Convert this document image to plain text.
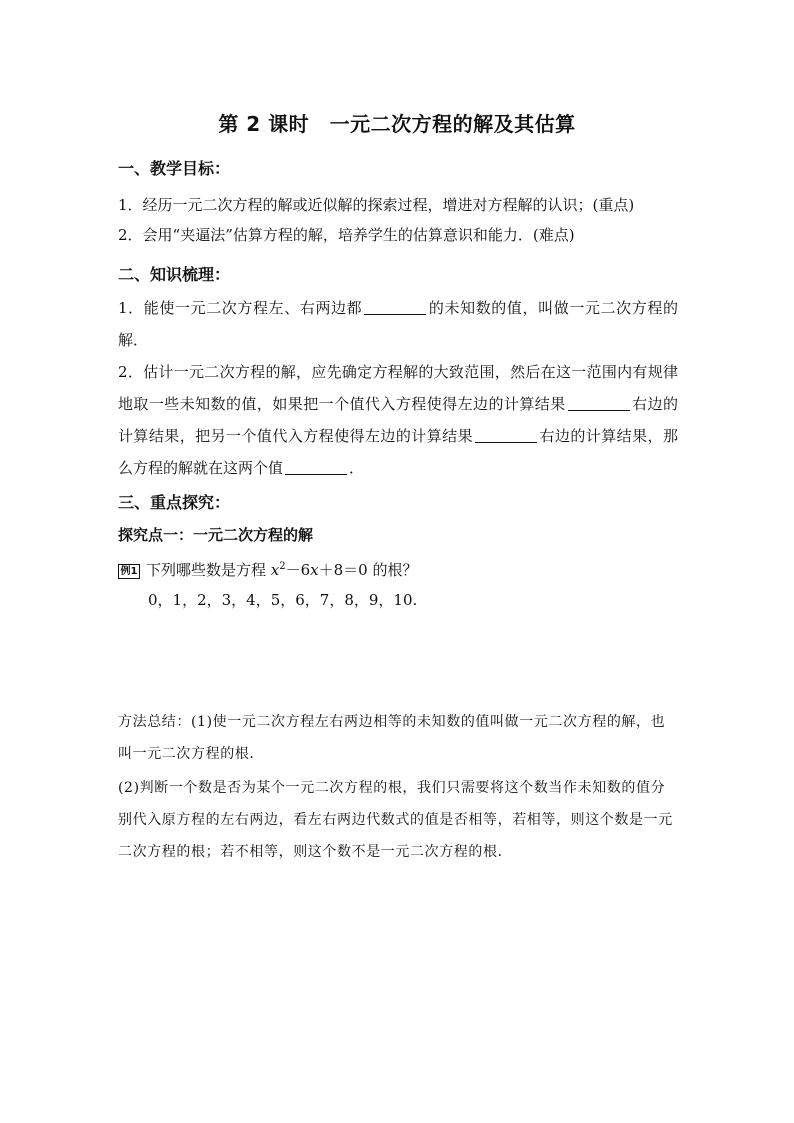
第 2 课时　一元二次方程的解及其估算
一、教学目标：
1．经历一元二次方程的解或近似解的探索过程，增进对方程解的认识；(重点)
2．会用“夹逼法”估算方程的解，培养学生的估算意识和能力．(难点)
二、知识梳理：
1．能使一元二次方程左、右两边都	的未知数的值，叫做一元二次方程的解．
2．估计一元二次方程的解，应先确定方程解的大致范围，然后在这一范围内有规律地取一些未知数的值，如果把一个值代入方程使得左边的计算结果	右边的计算结果，把另一个值代入方程使得左边的计算结果	右边的计算结果，那么方程的解就在这两个值	．
三、重点探究：
探究点一：一元二次方程的解
例1 下列哪些数是方程 $x^2-6x+8=0$ 的根？
0，1，2，3，4，5，6，7，8，9，10.
方法总结：(1)使一元二次方程左右两边相等的未知数的值叫做一元二次方程的解，也叫一元二次方程的根．
(2)判断一个数是否为某个一元二次方程的根，我们只需要将这个数当作未知数的值分别代入原方程的左右两边，看左右两边代数式的值是否相等，若相等，则这个数是一元二次方程的根；若不相等，则这个数不是一元二次方程的根．
